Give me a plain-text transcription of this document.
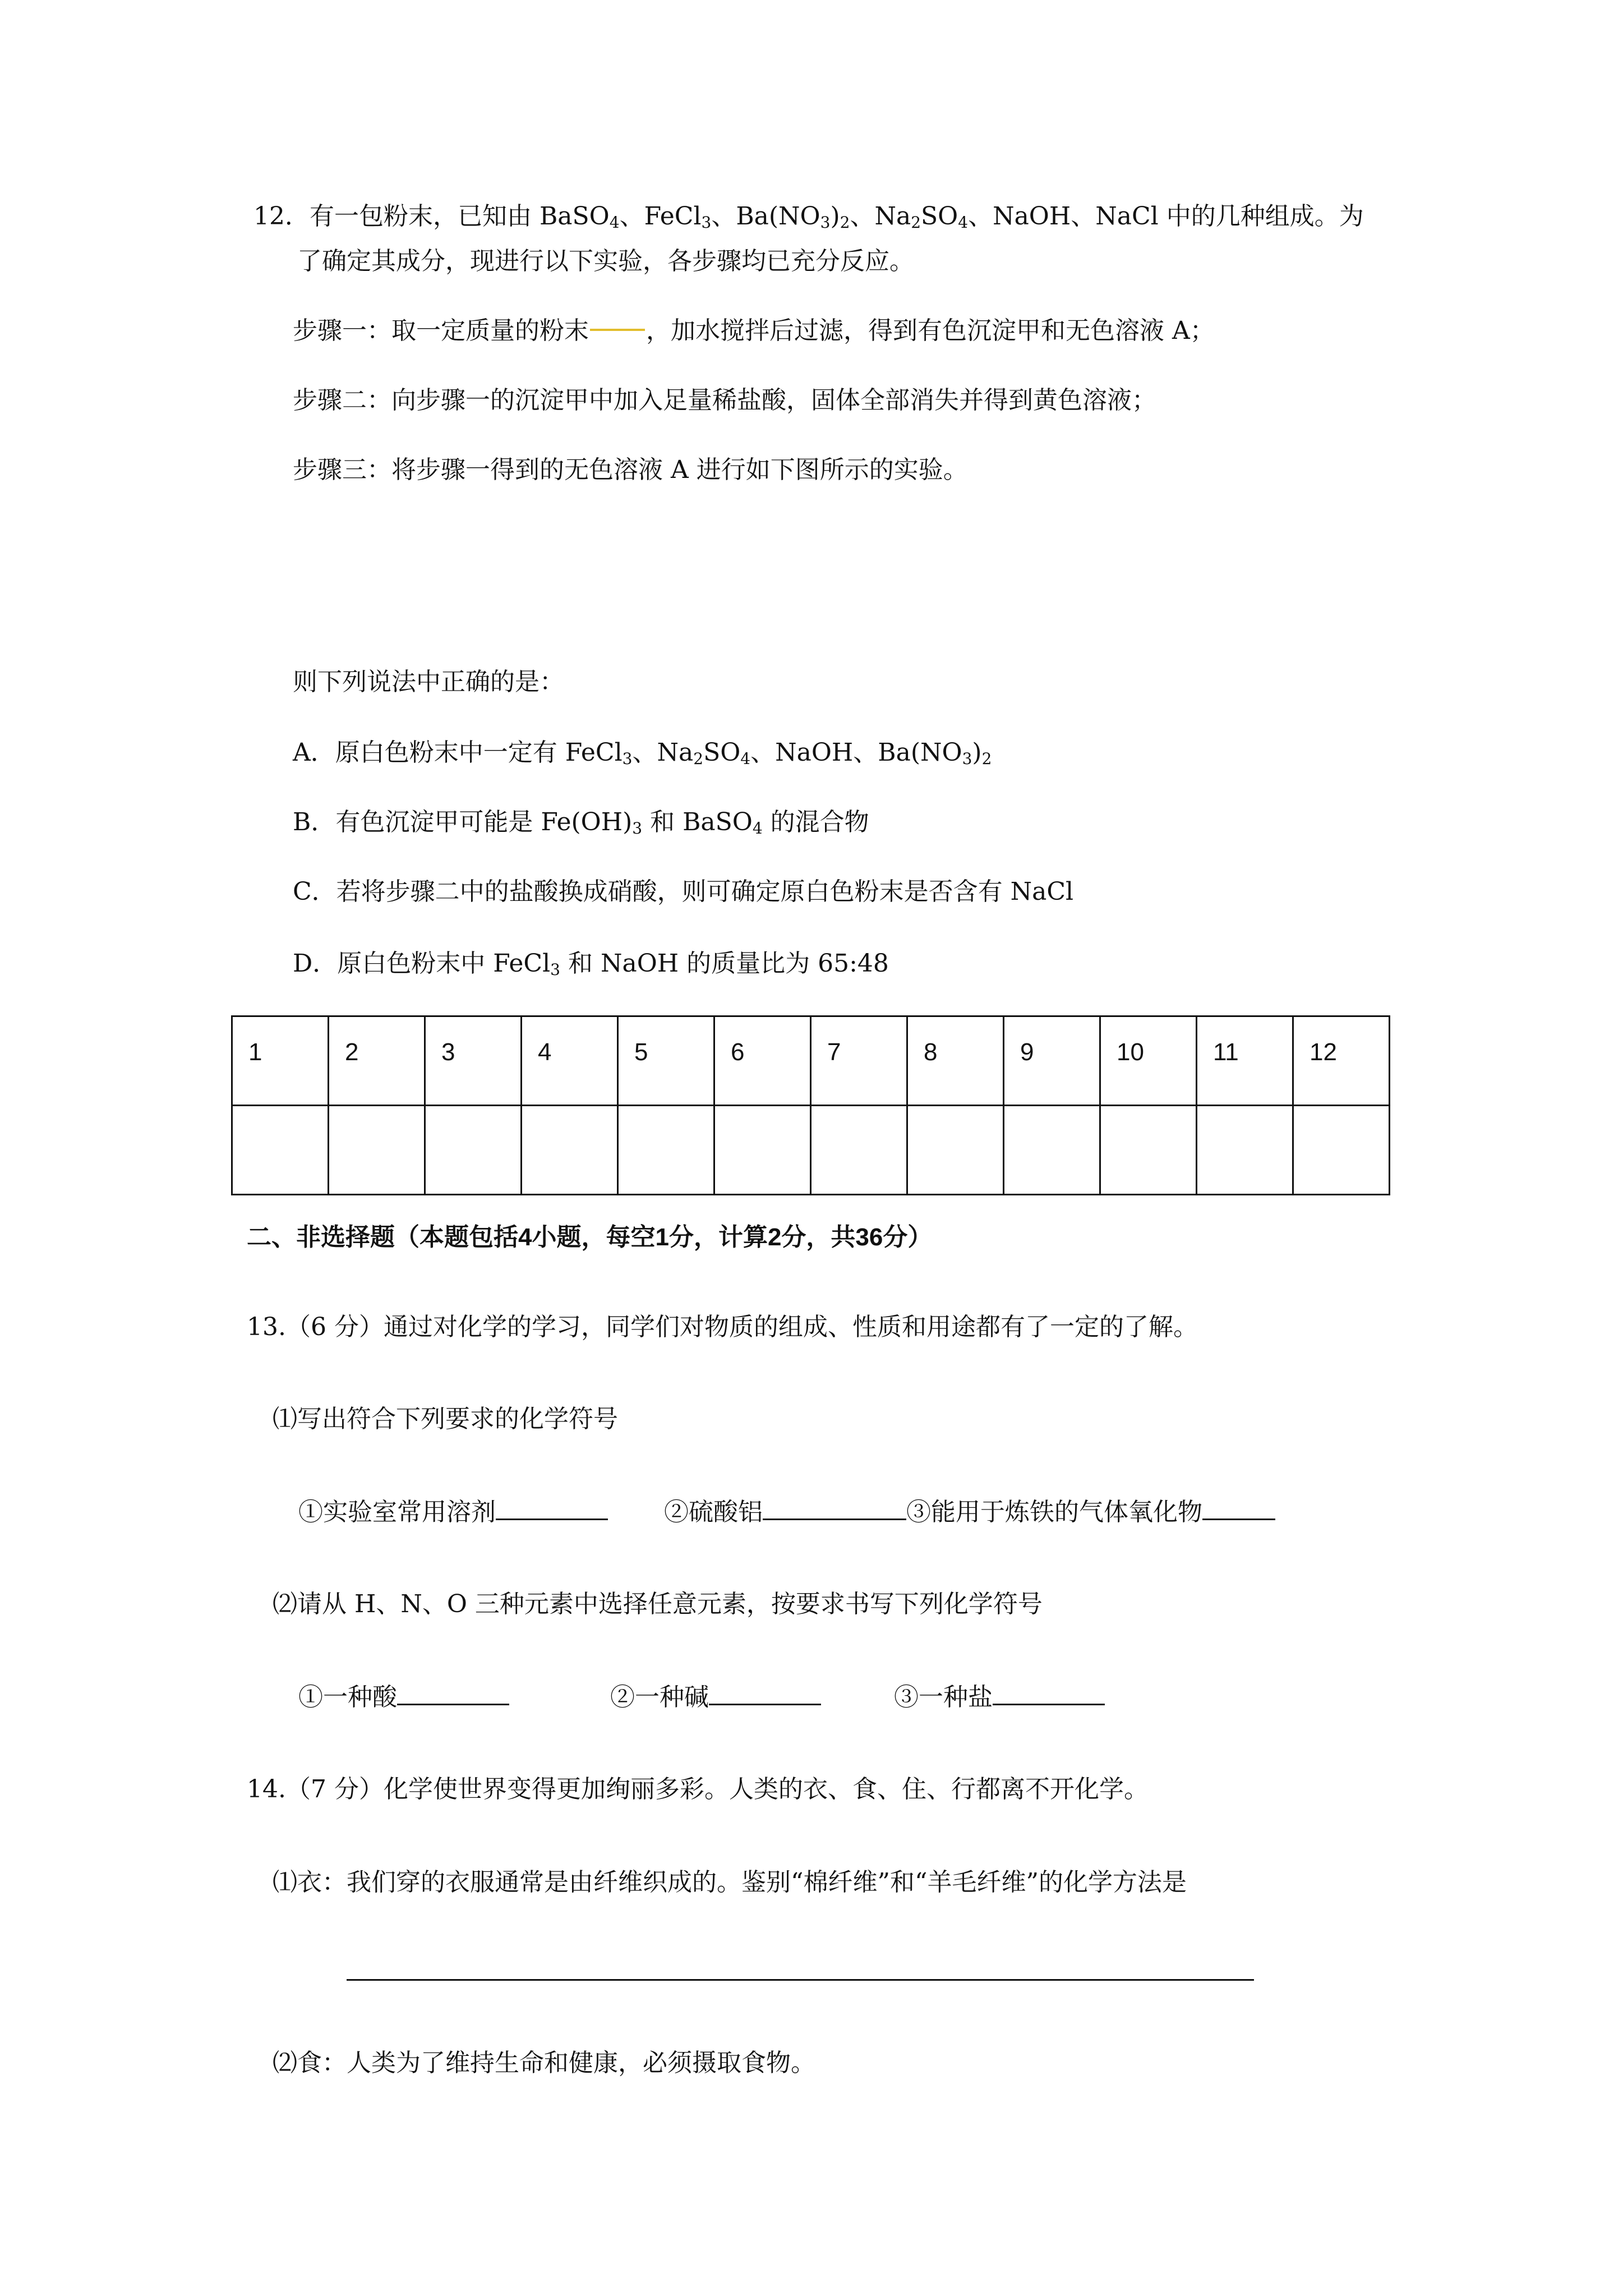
12．有一包粉末，已知由 BaSO$_4$、FeCl$_3$、$Ba(NO_3)_2$、$Na_2SO_4$、NaOH、NaCl 中的几种组成。为
了确定其成分，现进行以下实验，各步骤均已充分反应。
步骤一：取一定质量的粉末 ，加水搅拌后过滤，得到有色沉淀甲和无色溶液 A；
步骤二：向步骤一的沉淀甲中加入足量稀盐酸，固体全部消失并得到黄色溶液；
步骤三：将步骤一得到的无色溶液 A 进行如下图所示的实验。
则下列说法中正确的是：
A．原白色粉末中一定有 FeCl$_3$、$Na_2SO_4$、NaOH、$Ba(NO_3)_2$
B．有色沉淀甲可能是 $Fe(OH)_3$ 和 BaSO$_4$ 的混合物
C．若将步骤二中的盐酸换成硝酸，则可确定原白色粉末是否含有 NaCl
D．原白色粉末中 FeCl$_3$ 和 NaOH 的质量比为 65:48
1	2	3	4	5	6	7	8	9	10	11	12

二、非选择题（本题包括4小题，每空1分，计算2分，共36分）
13.（6 分）通过对化学的学习，同学们对物质的组成、性质和用途都有了一定的了解。
⑴写出符合下列要求的化学符号
①实验室常用溶剂	②硫酸铝	③能用于炼铁的气体氧化物
⑵请从 H、N、O 三种元素中选择任意元素，按要求书写下列化学符号
①一种酸	②一种碱	③一种盐
14.（7 分）化学使世界变得更加绚丽多彩。人类的衣、食、住、行都离不开化学。
⑴衣：我们穿的衣服通常是由纤维织成的。鉴别“棉纤维”和“羊毛纤维”的化学方法是
⑵食：人类为了维持生命和健康，必须摄取食物。
